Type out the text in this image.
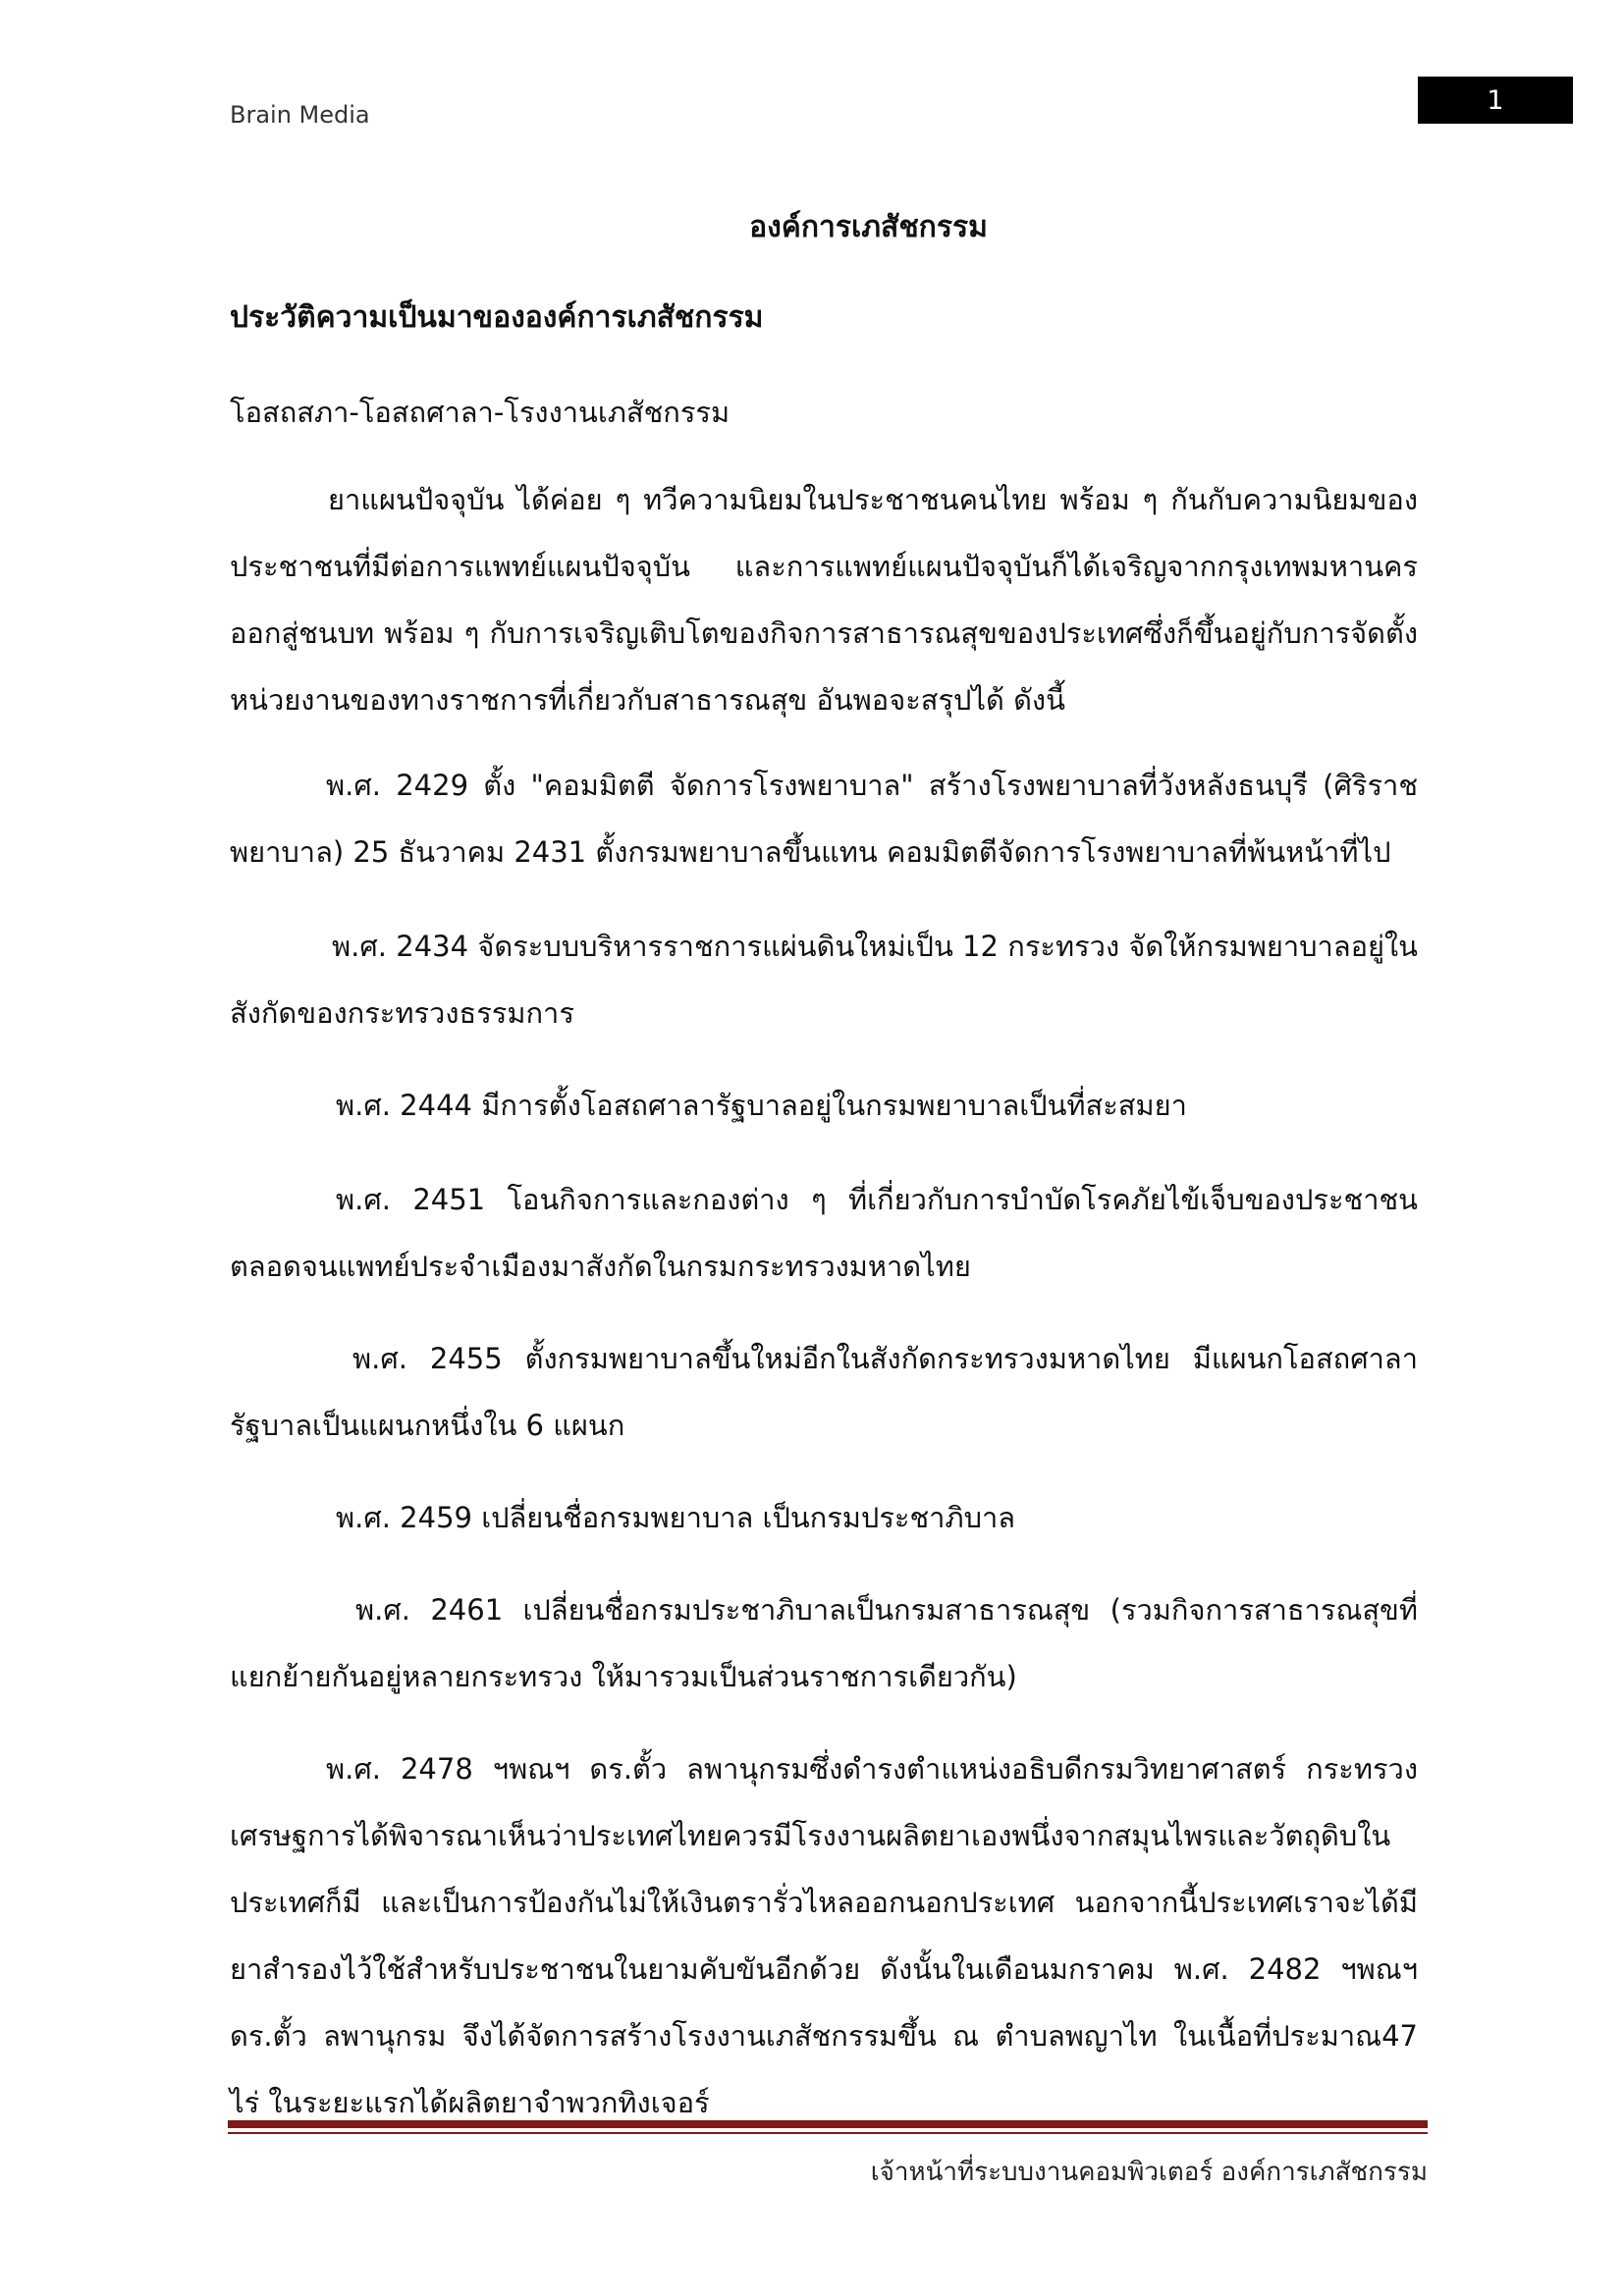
Brain Media	1
องค์การเภสัชกรรม
ประวัติความเป็นมาขององค์การเภสัชกรรม
โอสถสภา-โอสถศาลา-โรงงานเภสัชกรรม

ยาแผนปัจจุบัน ได้ค่อย ๆ ทวีความนิยมในประชาชนคนไทย พร้อม ๆ กันกับความนิยมของประชาชนที่มีต่อการแพทย์แผนปัจจุบัน และการแพทย์แผนปัจจุบันก็ได้เจริญจากกรุงเทพมหานครออกสู่ชนบท พร้อม ๆ กับการเจริญเติบโตของกิจการสาธารณสุขของประเทศซึ่งก็ขึ้นอยู่กับการจัดตั้งหน่วยงานของทางราชการที่เกี่ยวกับสาธารณสุข อันพอจะสรุปได้ ดังนี้

พ.ศ. 2429 ตั้ง "คอมมิตตี จัดการโรงพยาบาล" สร้างโรงพยาบาลที่วังหลังธนบุรี (ศิริราชพยาบาล) 25 ธันวาคม 2431 ตั้งกรมพยาบาลขึ้นแทน คอมมิตตีจัดการโรงพยาบาลที่พ้นหน้าที่ไป

พ.ศ. 2434 จัดระบบบริหารราชการแผ่นดินใหม่เป็น 12 กระทรวง จัดให้กรมพยาบาลอยู่ในสังกัดของกระทรวงธรรมการ

พ.ศ. 2444 มีการตั้งโอสถศาลารัฐบาลอยู่ในกรมพยาบาลเป็นที่สะสมยา

พ.ศ. 2451 โอนกิจการและกองต่าง ๆ ที่เกี่ยวกับการบำบัดโรคภัยไข้เจ็บของประชาชน ตลอดจนแพทย์ประจำเมืองมาสังกัดในกรมกระทรวงมหาดไทย

พ.ศ. 2455 ตั้งกรมพยาบาลขึ้นใหม่อีกในสังกัดกระทรวงมหาดไทย มีแผนกโอสถศาลารัฐบาลเป็นแผนกหนึ่งใน 6 แผนก

พ.ศ. 2459 เปลี่ยนชื่อกรมพยาบาล เป็นกรมประชาภิบาล

พ.ศ. 2461 เปลี่ยนชื่อกรมประชาภิบาลเป็นกรมสาธารณสุข (รวมกิจการสาธารณสุขที่แยกย้ายกันอยู่หลายกระทรวง ให้มารวมเป็นส่วนราชการเดียวกัน)

พ.ศ. 2478 ฯพณฯ ดร.ตั้ว ลพานุกรมซึ่งดำรงตำแหน่งอธิบดีกรมวิทยาศาสตร์ กระทรวงเศรษฐการได้พิจารณาเห็นว่าประเทศไทยควรมีโรงงานผลิตยาเองพนึ่งจากสมุนไพรและวัตถุดิบในประเทศก็มี และเป็นการป้องกันไม่ให้เงินตรารั่วไหลออกนอกประเทศ นอกจากนี้ประเทศเราจะได้มียาสำรองไว้ใช้สำหรับประชาชนในยามคับขันอีกด้วย ดังนั้นในเดือนมกราคม พ.ศ. 2482 ฯพณฯ ดร.ตั้ว ลพานุกรม จึงได้จัดการสร้างโรงงานเภสัชกรรมขึ้น ณ ตำบลพญาไท ในเนื้อที่ประมาณ47 ไร่ ในระยะแรกได้ผลิตยาจำพวกทิงเจอร์

เจ้าหน้าที่ระบบงานคอมพิวเตอร์ องค์การเภสัชกรรม
